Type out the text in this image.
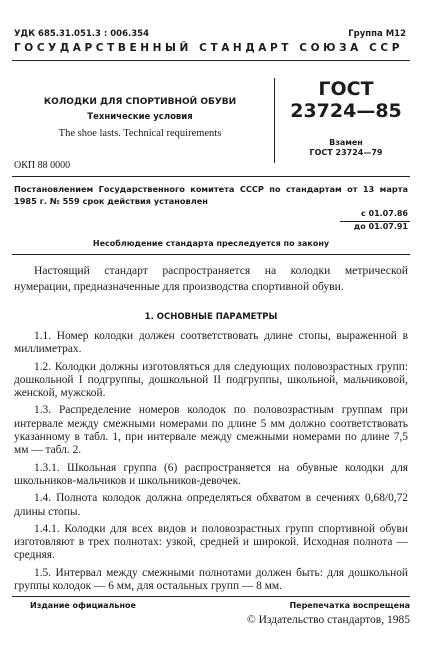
УДК 685.31.051.3 : 006.354	Группа М12
ГОСУДАРСТВЕННЫЙ СТАНДАРТ СОЮЗА ССР
КОЛОДКИ ДЛЯ СПОРТИВНОЙ ОБУВИ
Технические условия
The shoe lasts. Technical requirements
ОКП 88 0000
ГОСТ
23724—85
Взамен
ГОСТ 23724—79
Постановлением Государственного комитета СССР по стандартам от 13 марта 1985 г. № 559 срок действия установлен
с 01.07.86
до 01.07.91
Несоблюдение стандарта преследуется по закону

Настоящий стандарт распространяется на колодки метрической нумерации, предназначенные для производства спортивной обуви.

1. ОСНОВНЫЕ ПАРАМЕТРЫ

1.1. Номер колодки должен соответствовать длине стопы, выраженной в миллиметрах.

1.2. Колодки должны изготовляться для следующих половозрастных групп: дошкольной I подгруппы, дошкольной II подгруппы, школьной, мальчиковой, женской, мужской.

1.3. Распределение номеров колодок по половозрастным группам при интервале между смежными номерами по длине 5 мм должно соответствовать указанному в табл. 1, при интервале между смежными номерами по длине 7,5 мм — табл. 2.

1.3.1. Школьная группа (6) распространяется на обувные колодки для школьников-мальчиков и школьников-девочек.

1.4. Полнота колодок должна определяться обхватом в сечениях 0,68/0,72 длины стопы.

1.4.1. Колодки для всех видов и половозрастных групп спортивной обуви изготовляют в трех полнотах: узкой, средней и широкой. Исходная полнота — средняя.

1.5. Интервал между смежными полнотами должен быть: для дошкольной группы колодок — 6 мм, для остальных групп — 8 мм.

Издание официальное	Перепечатка воспрещена
© Издательство стандартов, 1985
